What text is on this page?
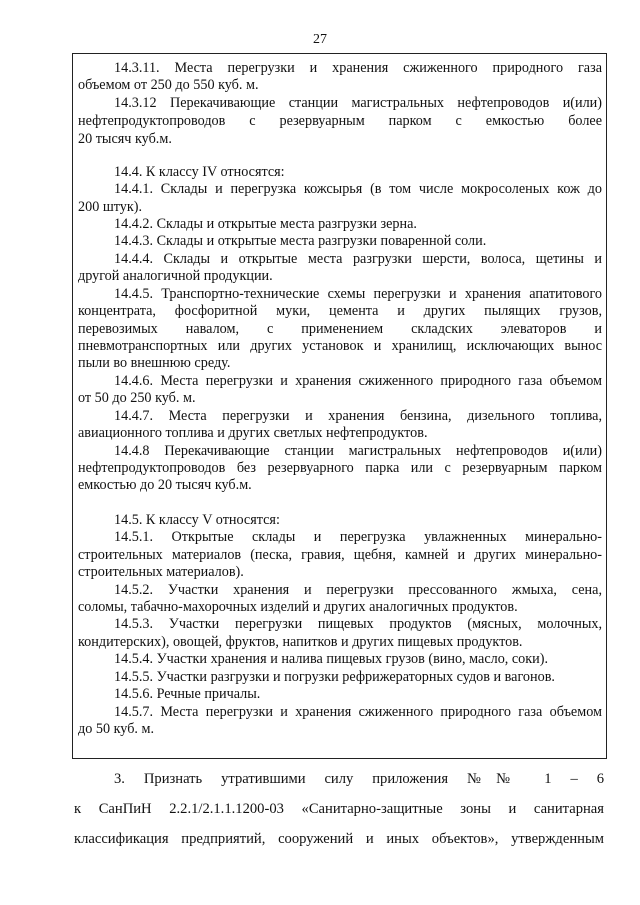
27
14.3.11. Места перегрузки и хранения сжиженного природного газа
объемом от 250 до 550 куб. м.
14.3.12 Перекачивающие станции магистральных нефтепроводов и(или)
нефтепродуктопроводов с резервуарным парком с емкостью более
20 тысяч куб.м.
14.4. К классу IV относятся:
14.4.1. Склады и перегрузка кожсырья (в том числе мокросоленых кож до
200 штук).
14.4.2. Склады и открытые места разгрузки зерна.
14.4.3. Склады и открытые места разгрузки поваренной соли.
14.4.4. Склады и открытые места разгрузки шерсти, волоса, щетины и
другой аналогичной продукции.
14.4.5. Транспортно-технические схемы перегрузки и хранения апатитового
концентрата, фосфоритной муки, цемента и других пылящих грузов,
перевозимых навалом, с применением складских элеваторов и
пневмотранспортных или других установок и хранилищ, исключающих вынос
пыли во внешнюю среду.
14.4.6. Места перегрузки и хранения сжиженного природного газа объемом
от 50 до 250 куб. м.
14.4.7. Места перегрузки и хранения бензина, дизельного топлива,
авиационного топлива и других светлых нефтепродуктов.
14.4.8 Перекачивающие станции магистральных нефтепроводов и(или)
нефтепродуктопроводов без резервуарного парка или с резервуарным парком
емкостью до 20 тысяч куб.м.
14.5. К классу V относятся:
14.5.1. Открытые склады и перегрузка увлажненных минерально-
строительных материалов (песка, гравия, щебня, камней и других минерально-
строительных материалов).
14.5.2. Участки хранения и перегрузки прессованного жмыха, сена,
соломы, табачно-махорочных изделий и других аналогичных продуктов.
14.5.3. Участки перегрузки пищевых продуктов (мясных, молочных,
кондитерских), овощей, фруктов, напитков и других пищевых продуктов.
14.5.4. Участки хранения и налива пищевых грузов (вино, масло, соки).
14.5.5. Участки разгрузки и погрузки рефрижераторных судов и вагонов.
14.5.6. Речные причалы.
14.5.7. Места перегрузки и хранения сжиженного природного газа объемом
до 50 куб. м.
3. Признать утратившими силу приложения №№ 1 – 6
к СанПиН 2.2.1/2.1.1.1200-03 «Санитарно-защитные зоны и санитарная
классификация предприятий, сооружений и иных объектов», утвержденным
